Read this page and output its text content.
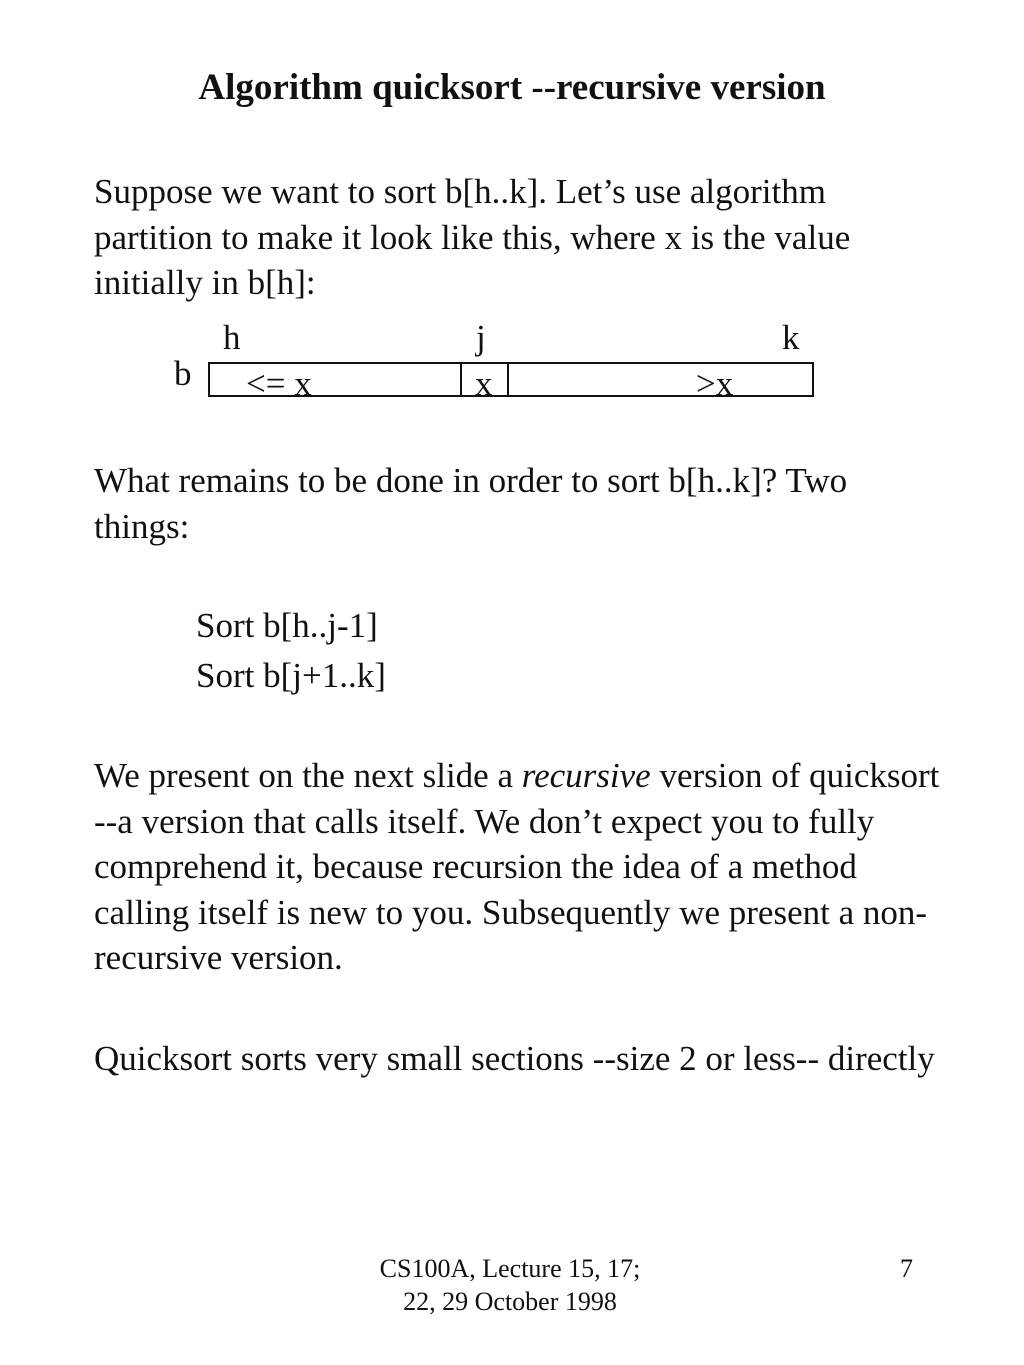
Algorithm quicksort --recursive version
Suppose we want to sort b[h..k]. Let’s use algorithm partition to make it look like this, where x is the value initially in b[h]:
h	j	k
b <= x	x	>x
What remains to be done in order to sort b[h..k]? Two things:
Sort b[h..j-1]
Sort b[j+1..k]
We present on the next slide a recursive version of quicksort --a version that calls itself. We don’t expect you to fully comprehend it, because recursion the idea of a method calling itself is new to you. Subsequently we present a non-recursive version.
Quicksort sorts very small sections --size 2 or less-- directly
CS100A, Lecture 15, 17;
22, 29 October 1998
7
